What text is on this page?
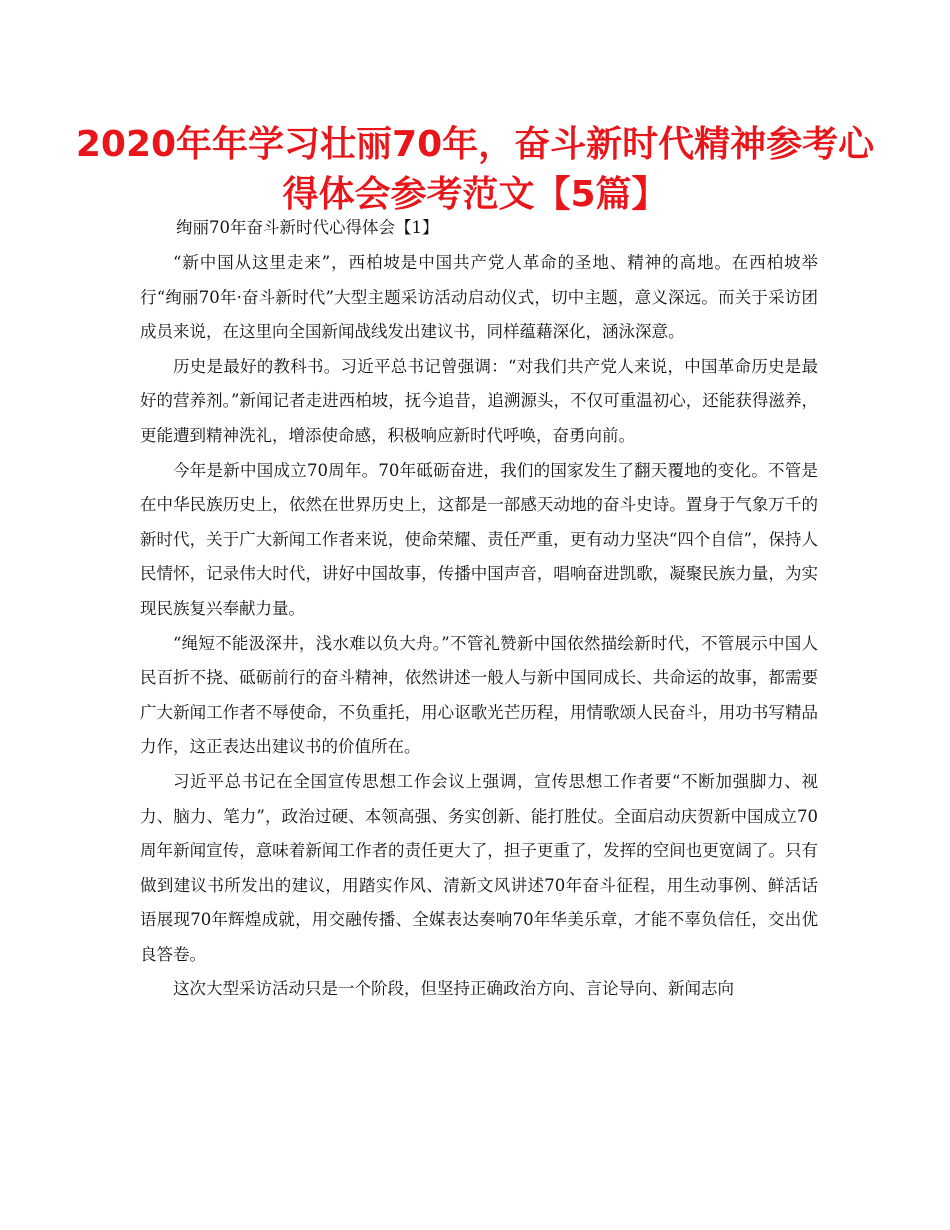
2020年年学习壮丽70年，奋斗新时代精神参考心得体会参考范文【5篇】
绚丽70年奋斗新时代心得体会【1】

“新中国从这里走来”，西柏坡是中国共产党人革命的圣地、精神的高地。在西柏坡举行“绚丽70年·奋斗新时代”大型主题采访活动启动仪式，切中主题，意义深远。而关于采访团成员来说，在这里向全国新闻战线发出建议书，同样蕴藉深化，涵泳深意。

历史是最好的教科书。习近平总书记曾强调：“对我们共产党人来说，中国革命历史是最好的营养剂。”新闻记者走进西柏坡，抚今追昔，追溯源头，不仅可重温初心，还能获得滋养，更能遭到精神洗礼，增添使命感，积极响应新时代呼唤，奋勇向前。

今年是新中国成立70周年。70年砥砺奋进，我们的国家发生了翻天覆地的变化。不管是在中华民族历史上，依然在世界历史上，这都是一部感天动地的奋斗史诗。置身于气象万千的新时代，关于广大新闻工作者来说，使命荣耀、责任严重，更有动力坚决“四个自信”，保持人民情怀，记录伟大时代，讲好中国故事，传播中国声音，唱响奋进凯歌，凝聚民族力量，为实现民族复兴奉献力量。

“绳短不能汲深井，浅水难以负大舟。”不管礼赞新中国依然描绘新时代，不管展示中国人民百折不挠、砥砺前行的奋斗精神，依然讲述一般人与新中国同成长、共命运的故事，都需要广大新闻工作者不辱使命，不负重托，用心讴歌光芒历程，用情歌颂人民奋斗，用功书写精品力作，这正表达出建议书的价值所在。

习近平总书记在全国宣传思想工作会议上强调，宣传思想工作者要“不断加强脚力、视力、脑力、笔力”，政治过硬、本领高强、务实创新、能打胜仗。全面启动庆贺新中国成立70周年新闻宣传，意味着新闻工作者的责任更大了，担子更重了，发挥的空间也更宽阔了。只有做到建议书所发出的建议，用踏实作风、清新文风讲述70年奋斗征程，用生动事例、鲜活话语展现70年辉煌成就，用交融传播、全媒表达奏响70年华美乐章，才能不辜负信任，交出优良答卷。

这次大型采访活动只是一个阶段，但坚持正确政治方向、言论导向、新闻志向
